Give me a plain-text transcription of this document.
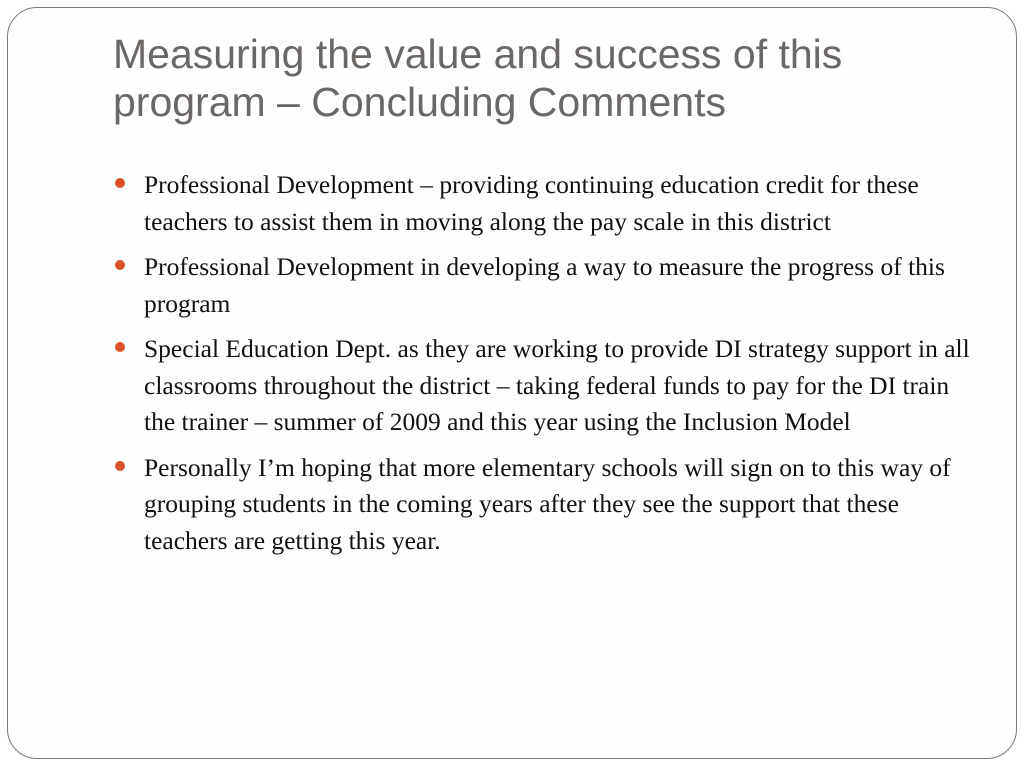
Measuring the value and success of this program – Concluding Comments
Professional Development – providing continuing education credit for these teachers to assist them in moving along the pay scale in this district
Professional Development in developing a way to measure the progress of this program
Special Education Dept. as they are working to provide DI strategy support in all classrooms throughout the district – taking federal funds to pay for the DI train the trainer – summer of 2009 and this year using the Inclusion Model
Personally I’m hoping that more elementary schools will sign on to this way of grouping students in the coming years after they see the support that these teachers are getting this year.
